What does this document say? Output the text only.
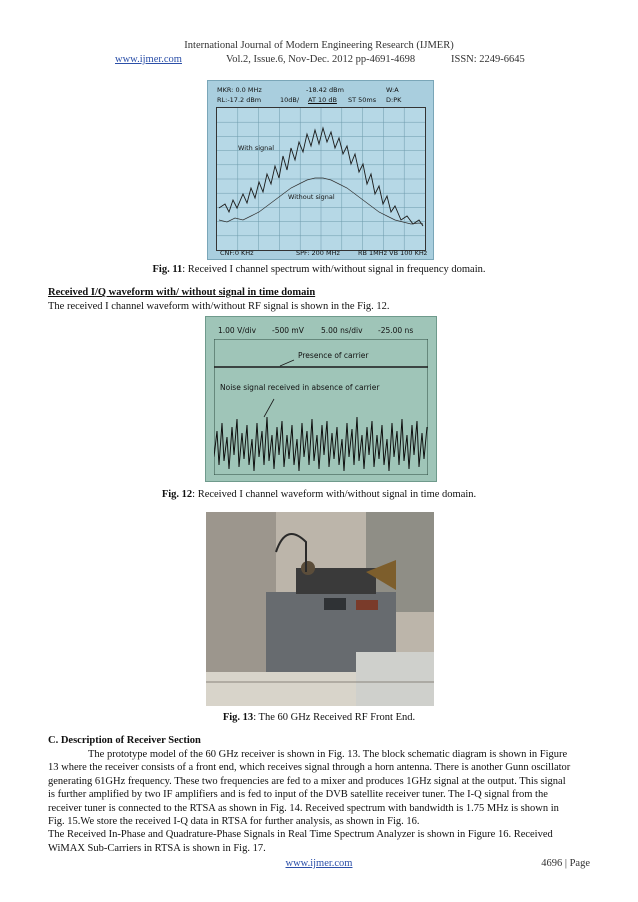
International Journal of Modern Engineering Research (IJMER)
www.ijmer.com	Vol.2, Issue.6, Nov-Dec. 2012 pp-4691-4698	ISSN: 2249-6645
MKR: 0.0 MHz	-18.42 dBm	W:A
RL:-17.2 dBm	10dB/ AT 10 dB ST 50ms D:PK
With signal
Without signal
CNF:0 KHz	SPF: 200 MHz	RB 1MHz VB 100 KHz
Fig. 11: Received I channel spectrum with/without signal in frequency domain.
Received I/Q waveform with/ without signal in time domain
The received I channel waveform with/without RF signal is shown in the Fig. 12.
1.00 V/div -500 mV 5.00 ns/div -25.00 ns
Presence of carrier
Noise signal received in absence of carrier
Fig. 12: Received I channel waveform with/without signal in time domain.
Fig. 13: The 60 GHz Received RF Front End.
C. Description of Receiver Section
The prototype model of the 60 GHz receiver is shown in Fig. 13. The block schematic diagram is shown in Figure
13 where the receiver consists of a front end, which receives signal through a horn antenna. There is another Gunn oscillator
generating 61GHz frequency. These two frequencies are fed to a mixer and produces 1GHz signal at the output. This signal
is further amplified by two IF amplifiers and is fed to input of the DVB satellite receiver tuner. The I-Q signal from the
receiver tuner is connected to the RTSA as shown in Fig. 14. Received spectrum with bandwidth is 1.75 MHz is shown in
Fig. 15.We store the received I-Q data in RTSA for further analysis, as shown in Fig. 16.
The Received In-Phase and Quadrature-Phase Signals in Real Time Spectrum Analyzer is shown in Figure 16. Received
WiMAX Sub-Carriers in RTSA is shown in Fig. 17.
www.ijmer.com	4696 | Page
